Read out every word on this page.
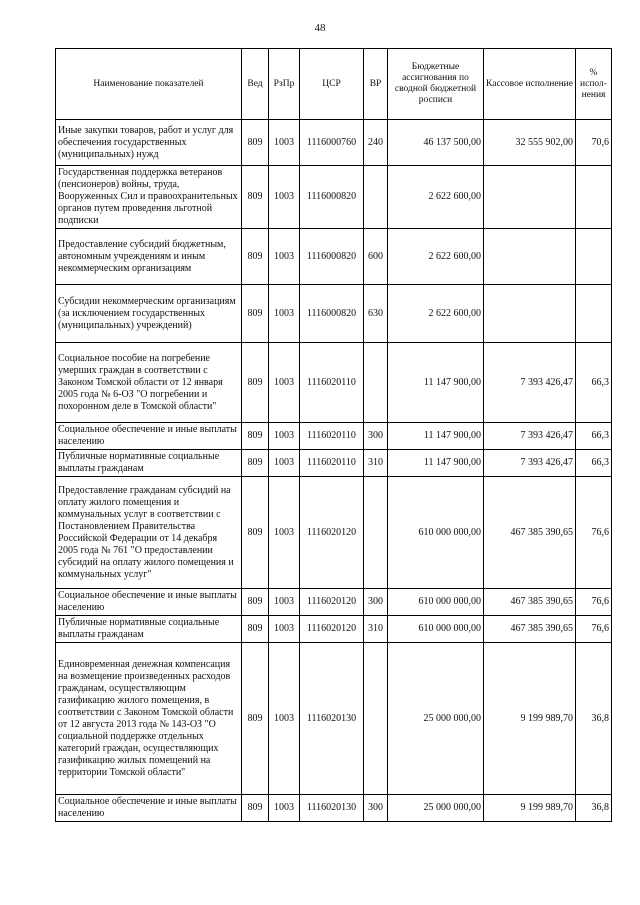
48
Наименование показателей	Вед	РзПр	ЦСР	ВР	Бюджетные ассигнования по сводной бюджетной росписи	Кассовое исполнение	% испол-нения
Иные закупки товаров, работ и услуг для обеспечения государственных (муниципальных) нужд	809	1003	1116000760	240	46 137 500,00	32 555 902,00	70,6
Государственная поддержка ветеранов (пенсионеров) войны, труда, Вооруженных Сил и правоохранительных органов путем проведения льготной подписки	809	1003	1116000820		2 622 600,00		
Предоставление субсидий бюджетным, автономным учреждениям и иным некоммерческим организациям	809	1003	1116000820	600	2 622 600,00		
Субсидии некоммерческим организациям (за исключением государственных (муниципальных) учреждений)	809	1003	1116000820	630	2 622 600,00		
Социальное пособие на погребение умерших граждан в соответствии с Законом Томской области от 12 января 2005 года № 6-ОЗ "О погребении и похоронном деле в Томской области"	809	1003	1116020110		11 147 900,00	7 393 426,47	66,3
Социальное обеспечение и иные выплаты населению	809	1003	1116020110	300	11 147 900,00	7 393 426,47	66,3
Публичные нормативные социальные выплаты гражданам	809	1003	1116020110	310	11 147 900,00	7 393 426,47	66,3
Предоставление гражданам субсидий на оплату жилого помещения и коммунальных услуг в соответствии с Постановлением Правительства Российской Федерации от 14 декабря 2005 года № 761 "О предоставлении субсидий на оплату жилого помещения и коммунальных услуг"	809	1003	1116020120		610 000 000,00	467 385 390,65	76,6
Социальное обеспечение и иные выплаты населению	809	1003	1116020120	300	610 000 000,00	467 385 390,65	76,6
Публичные нормативные социальные выплаты гражданам	809	1003	1116020120	310	610 000 000,00	467 385 390,65	76,6
Единовременная денежная компенсация на возмещение произведенных расходов гражданам, осуществляющим газификацию жилого помещения, в соответствии с Законом Томской области от 12 августа 2013 года № 143-ОЗ "О социальной поддержке отдельных категорий граждан, осуществляющих газификацию жилых помещений на территории Томской области"	809	1003	1116020130		25 000 000,00	9 199 989,70	36,8
Социальное обеспечение и иные выплаты населению	809	1003	1116020130	300	25 000 000,00	9 199 989,70	36,8
